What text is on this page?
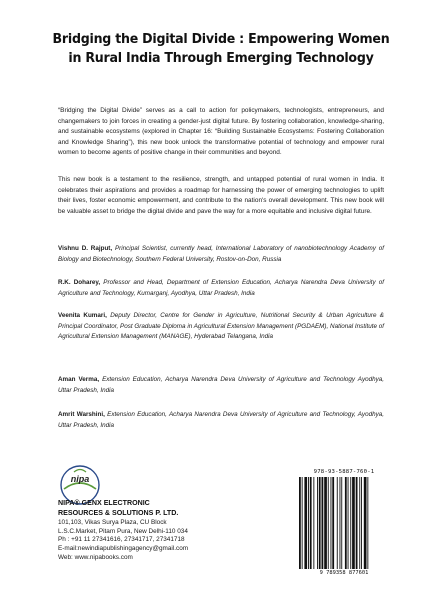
Bridging the Digital Divide : Empowering Women
in Rural India Through Emerging Technology
“Bridging the Digital Divide” serves as a call to action for policymakers, technologists, entrepreneurs, and changemakers to join forces in creating a gender-just digital future. By fostering collaboration, knowledge-sharing, and sustainable ecosystems (explored in Chapter 16: “Building Sustainable Ecosystems: Fostering Collaboration and Knowledge Sharing”), this new book unlock the transformative potential of technology and empower rural women to become agents of positive change in their communities and beyond.
This new book is a testament to the resilience, strength, and untapped potential of rural women in India. It celebrates their aspirations and provides a roadmap for harnessing the power of emerging technologies to uplift their lives, foster economic empowerment, and contribute to the nation's overall development. This new book will be valuable asset to bridge the digital divide and pave the way for a more equitable and inclusive digital future.
Vishnu D. Rajput, Principal Scientist, currently head, International Laboratory of nanobiotechnology Academy of Biology and Biotechnology, Southern Federal University, Rostov-on-Don, Russia
R.K. Doharey, Professor and Head, Department of Extension Education, Acharya Narendra Deva University of Agriculture and Technology, Kumarganj, Ayodhya, Uttar Pradesh, India
Veenita Kumari, Deputy Director, Centre for Gender in Agriculture, Nutritional Security & Urban Agriculture & Principal Coordinator, Post Graduate Diploma in Agricultural Extension Management (PGDAEM), National Institute of Agricultural Extension Management (MANAGE), Hyderabad Telangana, India
Aman Verma, Extension Education, Acharya Narendra Deva University of Agriculture and Technology Ayodhya, Uttar Pradesh, India
Amrit Warshini, Extension Education, Acharya Narendra Deva University of Agriculture and Technology, Ayodhya, Uttar Pradesh, India
nipa
NIPA® GENX ELECTRONIC
RESOURCES & SOLUTIONS P. LTD.
101,103, Vikas Surya Plaza, CU Block
L.S.C.Market, Pitam Pura, New Delhi-110 034
Ph : +91 11 27341616, 27341717, 27341718
E-mail:newindiapublishingagency@gmail.com
Web: www.nipabooks.com
978-93-5887-760-1
9 789358 877601
